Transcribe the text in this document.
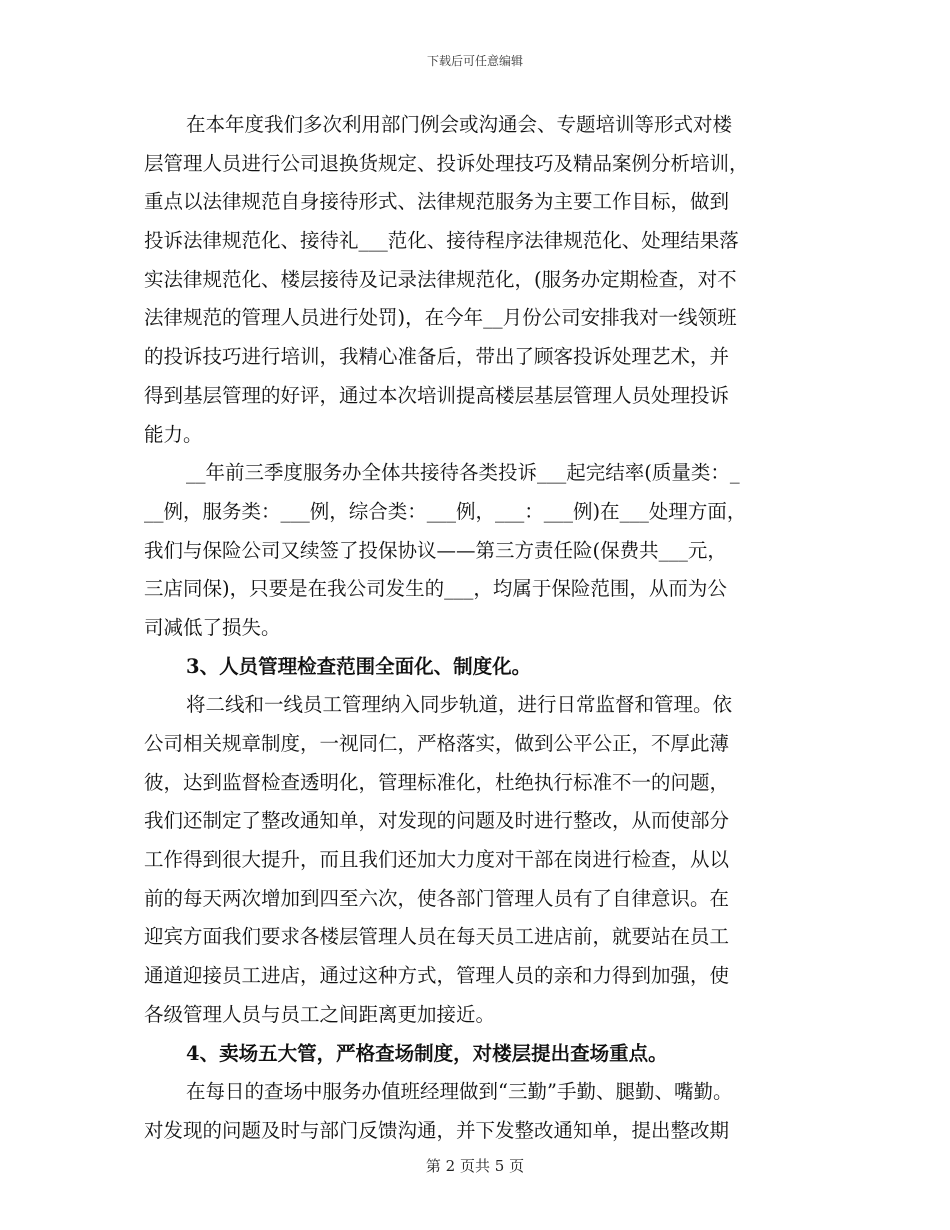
下载后可任意编辑
在本年度我们多次利用部门例会或沟通会、专题培训等形式对楼
层管理人员进行公司退换货规定、投诉处理技巧及精品案例分析培训，
重点以法律规范自身接待形式、法律规范服务为主要工作目标，做到
投诉法律规范化、接待礼___范化、接待程序法律规范化、处理结果落
实法律规范化、楼层接待及记录法律规范化，(服务办定期检查，对不
法律规范的管理人员进行处罚)，在今年__月份公司安排我对一线领班
的投诉技巧进行培训，我精心准备后，带出了顾客投诉处理艺术，并
得到基层管理的好评，通过本次培训提高楼层基层管理人员处理投诉
能力。
__年前三季度服务办全体共接待各类投诉___起完结率(质量类：_
__例，服务类：___例，综合类：___例，___：___例)在___处理方面，
我们与保险公司又续签了投保协议——第三方责任险(保费共___元，
三店同保)，只要是在我公司发生的___，均属于保险范围，从而为公
司减低了损失。
3、人员管理检查范围全面化、制度化。
将二线和一线员工管理纳入同步轨道，进行日常监督和管理。依
公司相关规章制度，一视同仁，严格落实，做到公平公正，不厚此薄
彼，达到监督检查透明化，管理标准化，杜绝执行标准不一的问题，
我们还制定了整改通知单，对发现的问题及时进行整改，从而使部分
工作得到很大提升，而且我们还加大力度对干部在岗进行检查，从以
前的每天两次增加到四至六次，使各部门管理人员有了自律意识。在
迎宾方面我们要求各楼层管理人员在每天员工进店前，就要站在员工
通道迎接员工进店，通过这种方式，管理人员的亲和力得到加强，使
各级管理人员与员工之间距离更加接近。
4、卖场五大管，严格查场制度，对楼层提出查场重点。
在每日的查场中服务办值班经理做到“三勤”手勤、腿勤、嘴勤。
对发现的问题及时与部门反馈沟通，并下发整改通知单，提出整改期
第 2 页共 5 页
